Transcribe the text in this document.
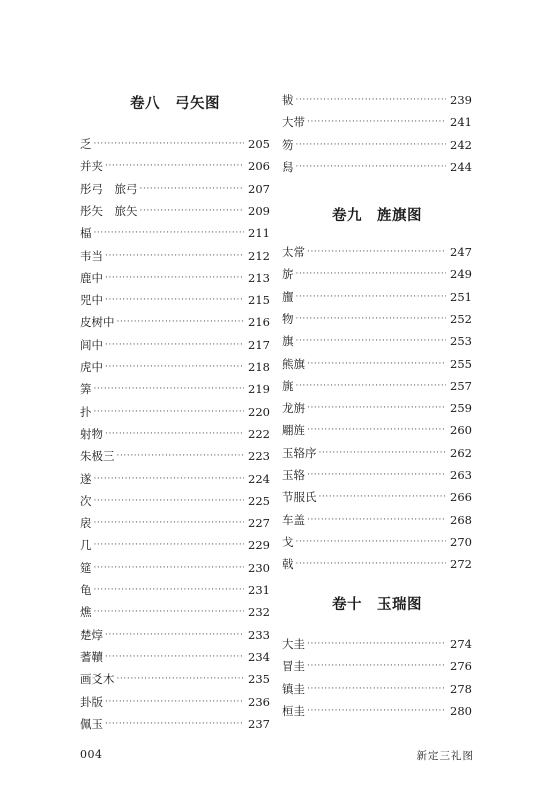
卷八　弓矢图
乏 ·····	205
并夹 ·····	206
彤弓　旅弓 ·····	207
彤矢　旅矢 ·····	209
楅 ·····	211
韦当 ·····	212
鹿中 ·····	213
兕中 ·····	215
皮树中 ·····	216
闾中 ·····	217
虎中 ·····	218
筭 ·····	219
扑 ·····	220
射物 ·····	222
朱极三 ·····	223
遂 ·····	224
次 ·····	225
扆 ·····	227
几 ·····	229
筵 ·····	230
龟 ·····	231
燋 ·····	232
楚焞 ·····	233
蓍韇 ·····	234
画爻木 ·····	235
卦版 ·····	236
佩玉 ·····	237
卷九　旌旗图
卷十　玉瑞图
韨 ·····	239
大带 ·····	241
笏 ·····	242
舄 ·····	244
太常 ·····	247
旂 ·····	249
旜 ·····	251
物 ·····	252
旗 ·····	253
熊旗 ·····	255
旐 ·····	257
龙旃 ·····	259
翢旌 ·····	260
玉辂序 ·····	262
玉辂 ·····	263
节服氏 ·····	266
车盖 ·····	268
戈 ·····	270
戟 ·····	272
大圭 ·····	274
冒圭 ·····	276
镇圭 ·····	278
桓圭 ·····	280
004	新定三礼图
